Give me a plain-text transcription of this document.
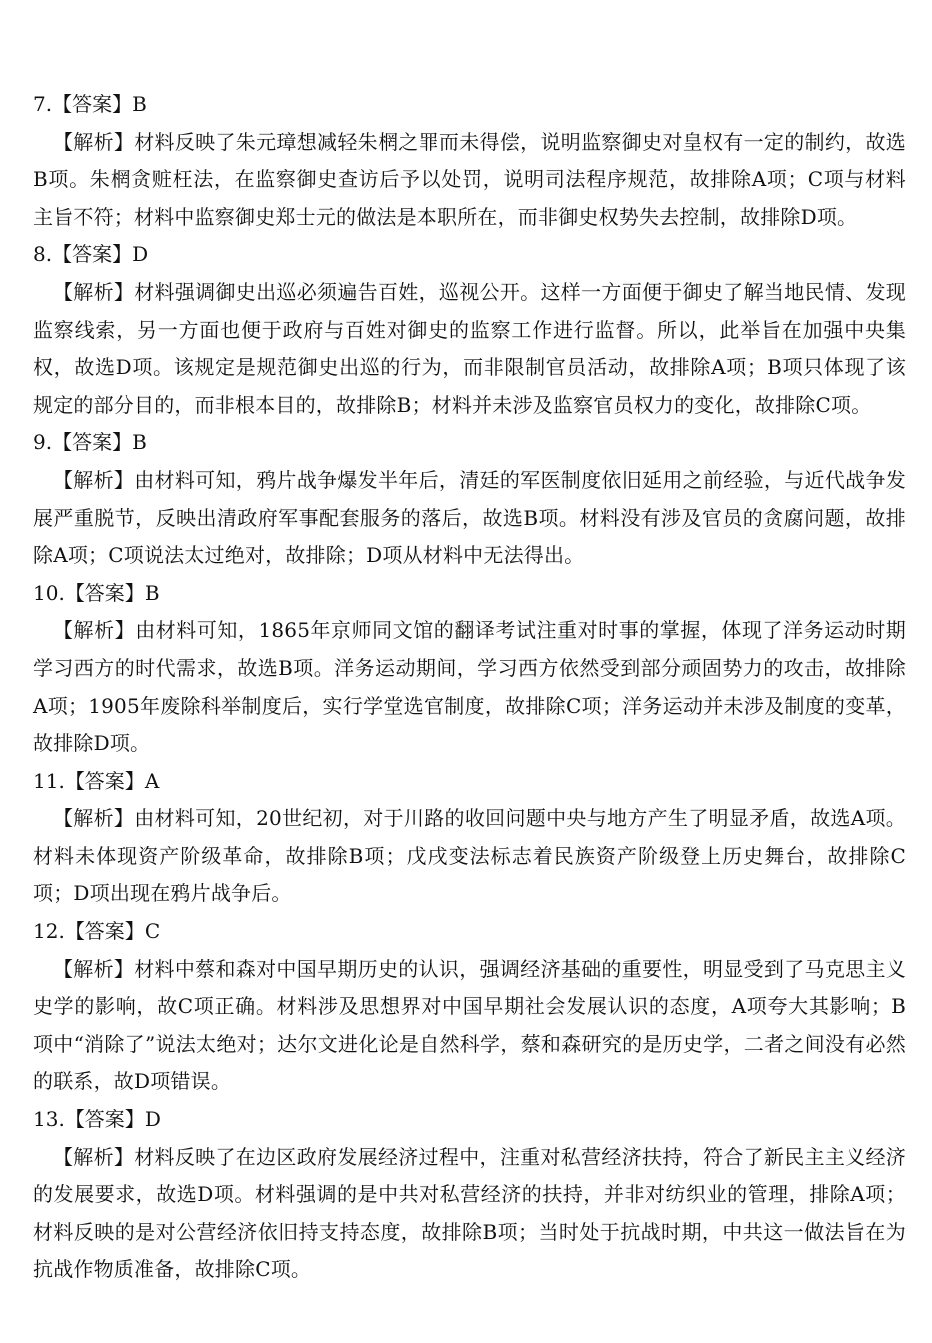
7.【答案】B

【解析】材料反映了朱元璋想减轻朱棢之罪而未得偿，说明监察御史对皇权有一定的制约，故选B项。朱棢贪赃枉法，在监察御史查访后予以处罚，说明司法程序规范，故排除A项；C项与材料主旨不符；材料中监察御史郑士元的做法是本职所在，而非御史权势失去控制，故排除D项。

8.【答案】D

【解析】材料强调御史出巡必须遍告百姓，巡视公开。这样一方面便于御史了解当地民情、发现监察线索，另一方面也便于政府与百姓对御史的监察工作进行监督。所以，此举旨在加强中央集权，故选D项。该规定是规范御史出巡的行为，而非限制官员活动，故排除A项；B项只体现了该规定的部分目的，而非根本目的，故排除B；材料并未涉及监察官员权力的变化，故排除C项。

9.【答案】B

【解析】由材料可知，鸦片战争爆发半年后，清廷的军医制度依旧延用之前经验，与近代战争发展严重脱节，反映出清政府军事配套服务的落后，故选B项。材料没有涉及官员的贪腐问题，故排除A项；C项说法太过绝对，故排除；D项从材料中无法得出。

10.【答案】B

【解析】由材料可知，1865年京师同文馆的翻译考试注重对时事的掌握，体现了洋务运动时期学习西方的时代需求，故选B项。洋务运动期间，学习西方依然受到部分顽固势力的攻击，故排除A项；1905年废除科举制度后，实行学堂选官制度，故排除C项；洋务运动并未涉及制度的变革，故排除D项。

11.【答案】A

【解析】由材料可知，20世纪初，对于川路的收回问题中央与地方产生了明显矛盾，故选A项。材料未体现资产阶级革命，故排除B项；戊戌变法标志着民族资产阶级登上历史舞台，故排除C项；D项出现在鸦片战争后。

12.【答案】C

【解析】材料中蔡和森对中国早期历史的认识，强调经济基础的重要性，明显受到了马克思主义史学的影响，故C项正确。材料涉及思想界对中国早期社会发展认识的态度，A项夸大其影响；B项中“消除了”说法太绝对；达尔文进化论是自然科学，蔡和森研究的是历史学，二者之间没有必然的联系，故D项错误。

13.【答案】D

【解析】材料反映了在边区政府发展经济过程中，注重对私营经济扶持，符合了新民主主义经济的发展要求，故选D项。材料强调的是中共对私营经济的扶持，并非对纺织业的管理，排除A项；材料反映的是对公营经济依旧持支持态度，故排除B项；当时处于抗战时期，中共这一做法旨在为抗战作物质准备，故排除C项。
